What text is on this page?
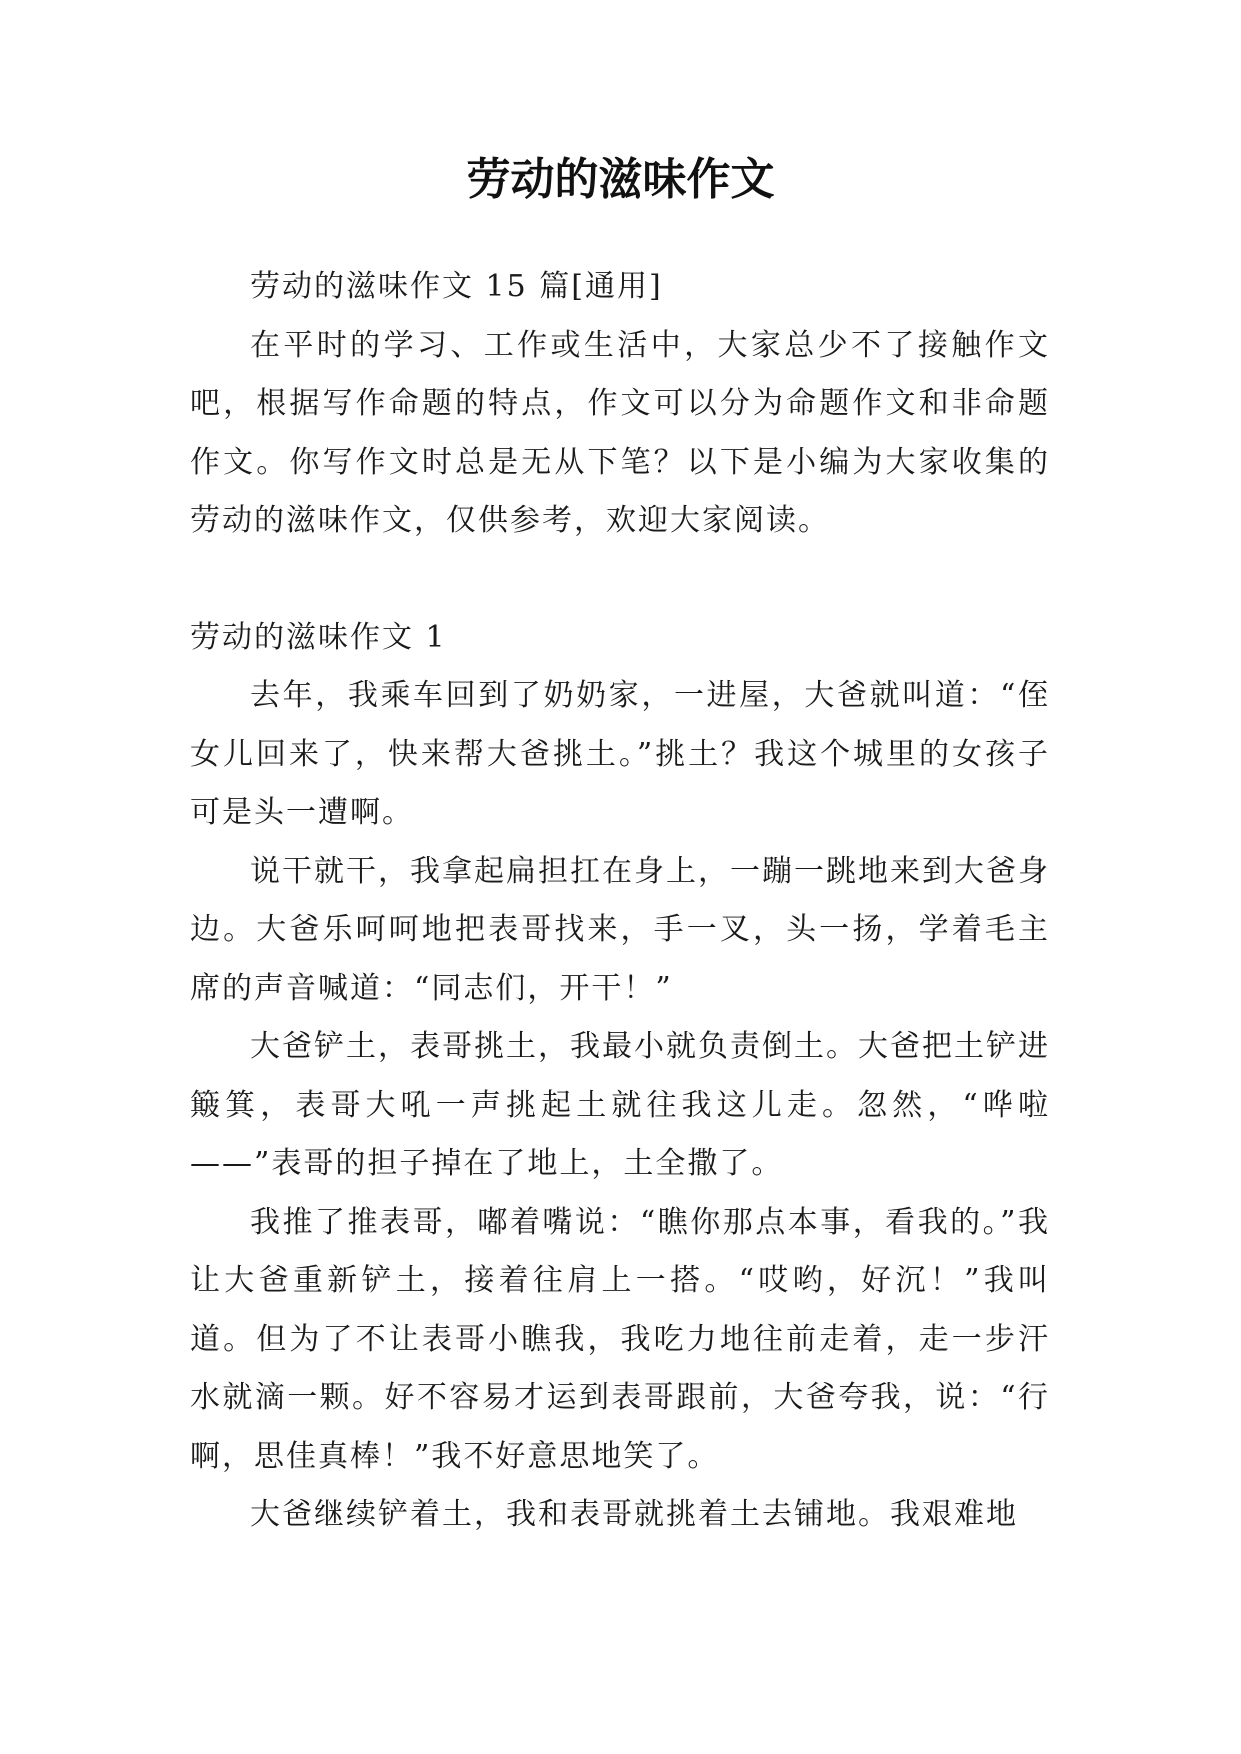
劳动的滋味作文

劳动的滋味作文 15 篇[通用]

在平时的学习、工作或生活中，大家总少不了接触作文吧，根据写作命题的特点，作文可以分为命题作文和非命题作文。你写作文时总是无从下笔？以下是小编为大家收集的劳动的滋味作文，仅供参考，欢迎大家阅读。

劳动的滋味作文 1

去年，我乘车回到了奶奶家，一进屋，大爸就叫道：“侄女儿回来了，快来帮大爸挑土。”挑土？我这个城里的女孩子可是头一遭啊。

说干就干，我拿起扁担扛在身上，一蹦一跳地来到大爸身边。大爸乐呵呵地把表哥找来，手一叉，头一扬，学着毛主席的声音喊道：“同志们，开干！”

大爸铲土，表哥挑土，我最小就负责倒土。大爸把土铲进簸箕，表哥大吼一声挑起土就往我这儿走。忽然，“哗啦——”表哥的担子掉在了地上，土全撒了。

我推了推表哥，嘟着嘴说：“瞧你那点本事，看我的。”我让大爸重新铲土，接着往肩上一搭。“哎哟，好沉！”我叫道。但为了不让表哥小瞧我，我吃力地往前走着，走一步汗水就滴一颗。好不容易才运到表哥跟前，大爸夸我，说：“行啊，思佳真棒！”我不好意思地笑了。

大爸继续铲着土，我和表哥就挑着土去铺地。我艰难地
